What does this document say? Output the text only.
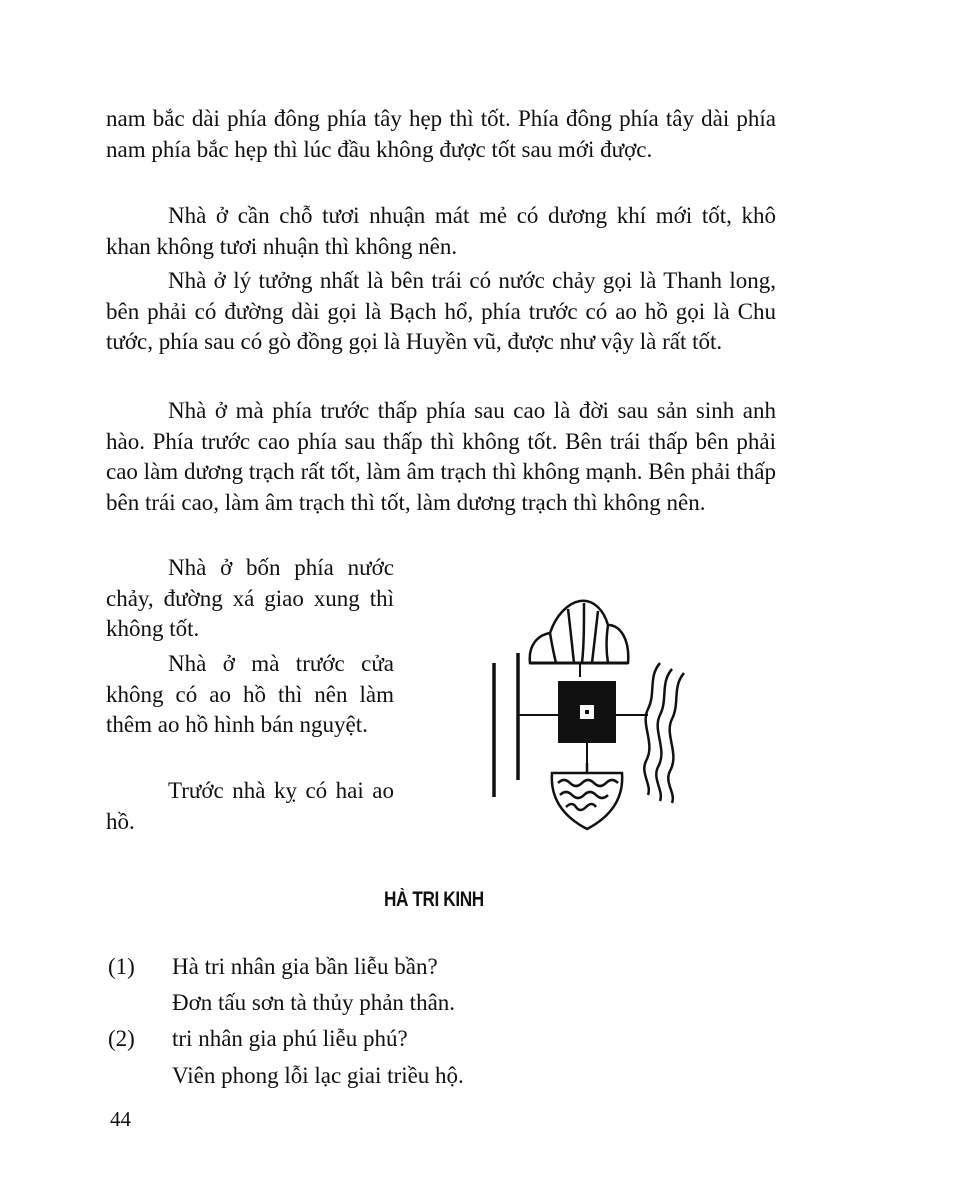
nam bắc dài phía đông phía tây hẹp thì tốt. Phía đông phía tây dài phía nam phía bắc hẹp thì lúc đầu không được tốt sau mới được.

Nhà ở cần chỗ tươi nhuận mát mẻ có dương khí mới tốt, khô khan không tươi nhuận thì không nên.

Nhà ở lý tưởng nhất là bên trái có nước chảy gọi là Thanh long, bên phải có đường dài gọi là Bạch hổ, phía trước có ao hồ gọi là Chu tước, phía sau có gò đồng gọi là Huyền vũ, được như vậy là rất tốt.

Nhà ở mà phía trước thấp phía sau cao là đời sau sản sinh anh hào. Phía trước cao phía sau thấp thì không tốt. Bên trái thấp bên phải cao làm dương trạch rất tốt, làm âm trạch thì không mạnh. Bên phải thấp bên trái cao, làm âm trạch thì tốt, làm dương trạch thì không nên.

Nhà ở bốn phía nước chảy, đường xá giao xung thì không tốt.

Nhà ở mà trước cửa không có ao hồ thì nên làm thêm ao hồ hình bán nguyệt.

Trước nhà kỵ có hai ao hồ.

HÀ TRI KINH
(1) Hà tri nhân gia bần liễu bần?
Đơn tấu sơn tà thủy phản thân.
(2) tri nhân gia phú liễu phú?
Viên phong lỗi lạc giai triều hộ.
44
